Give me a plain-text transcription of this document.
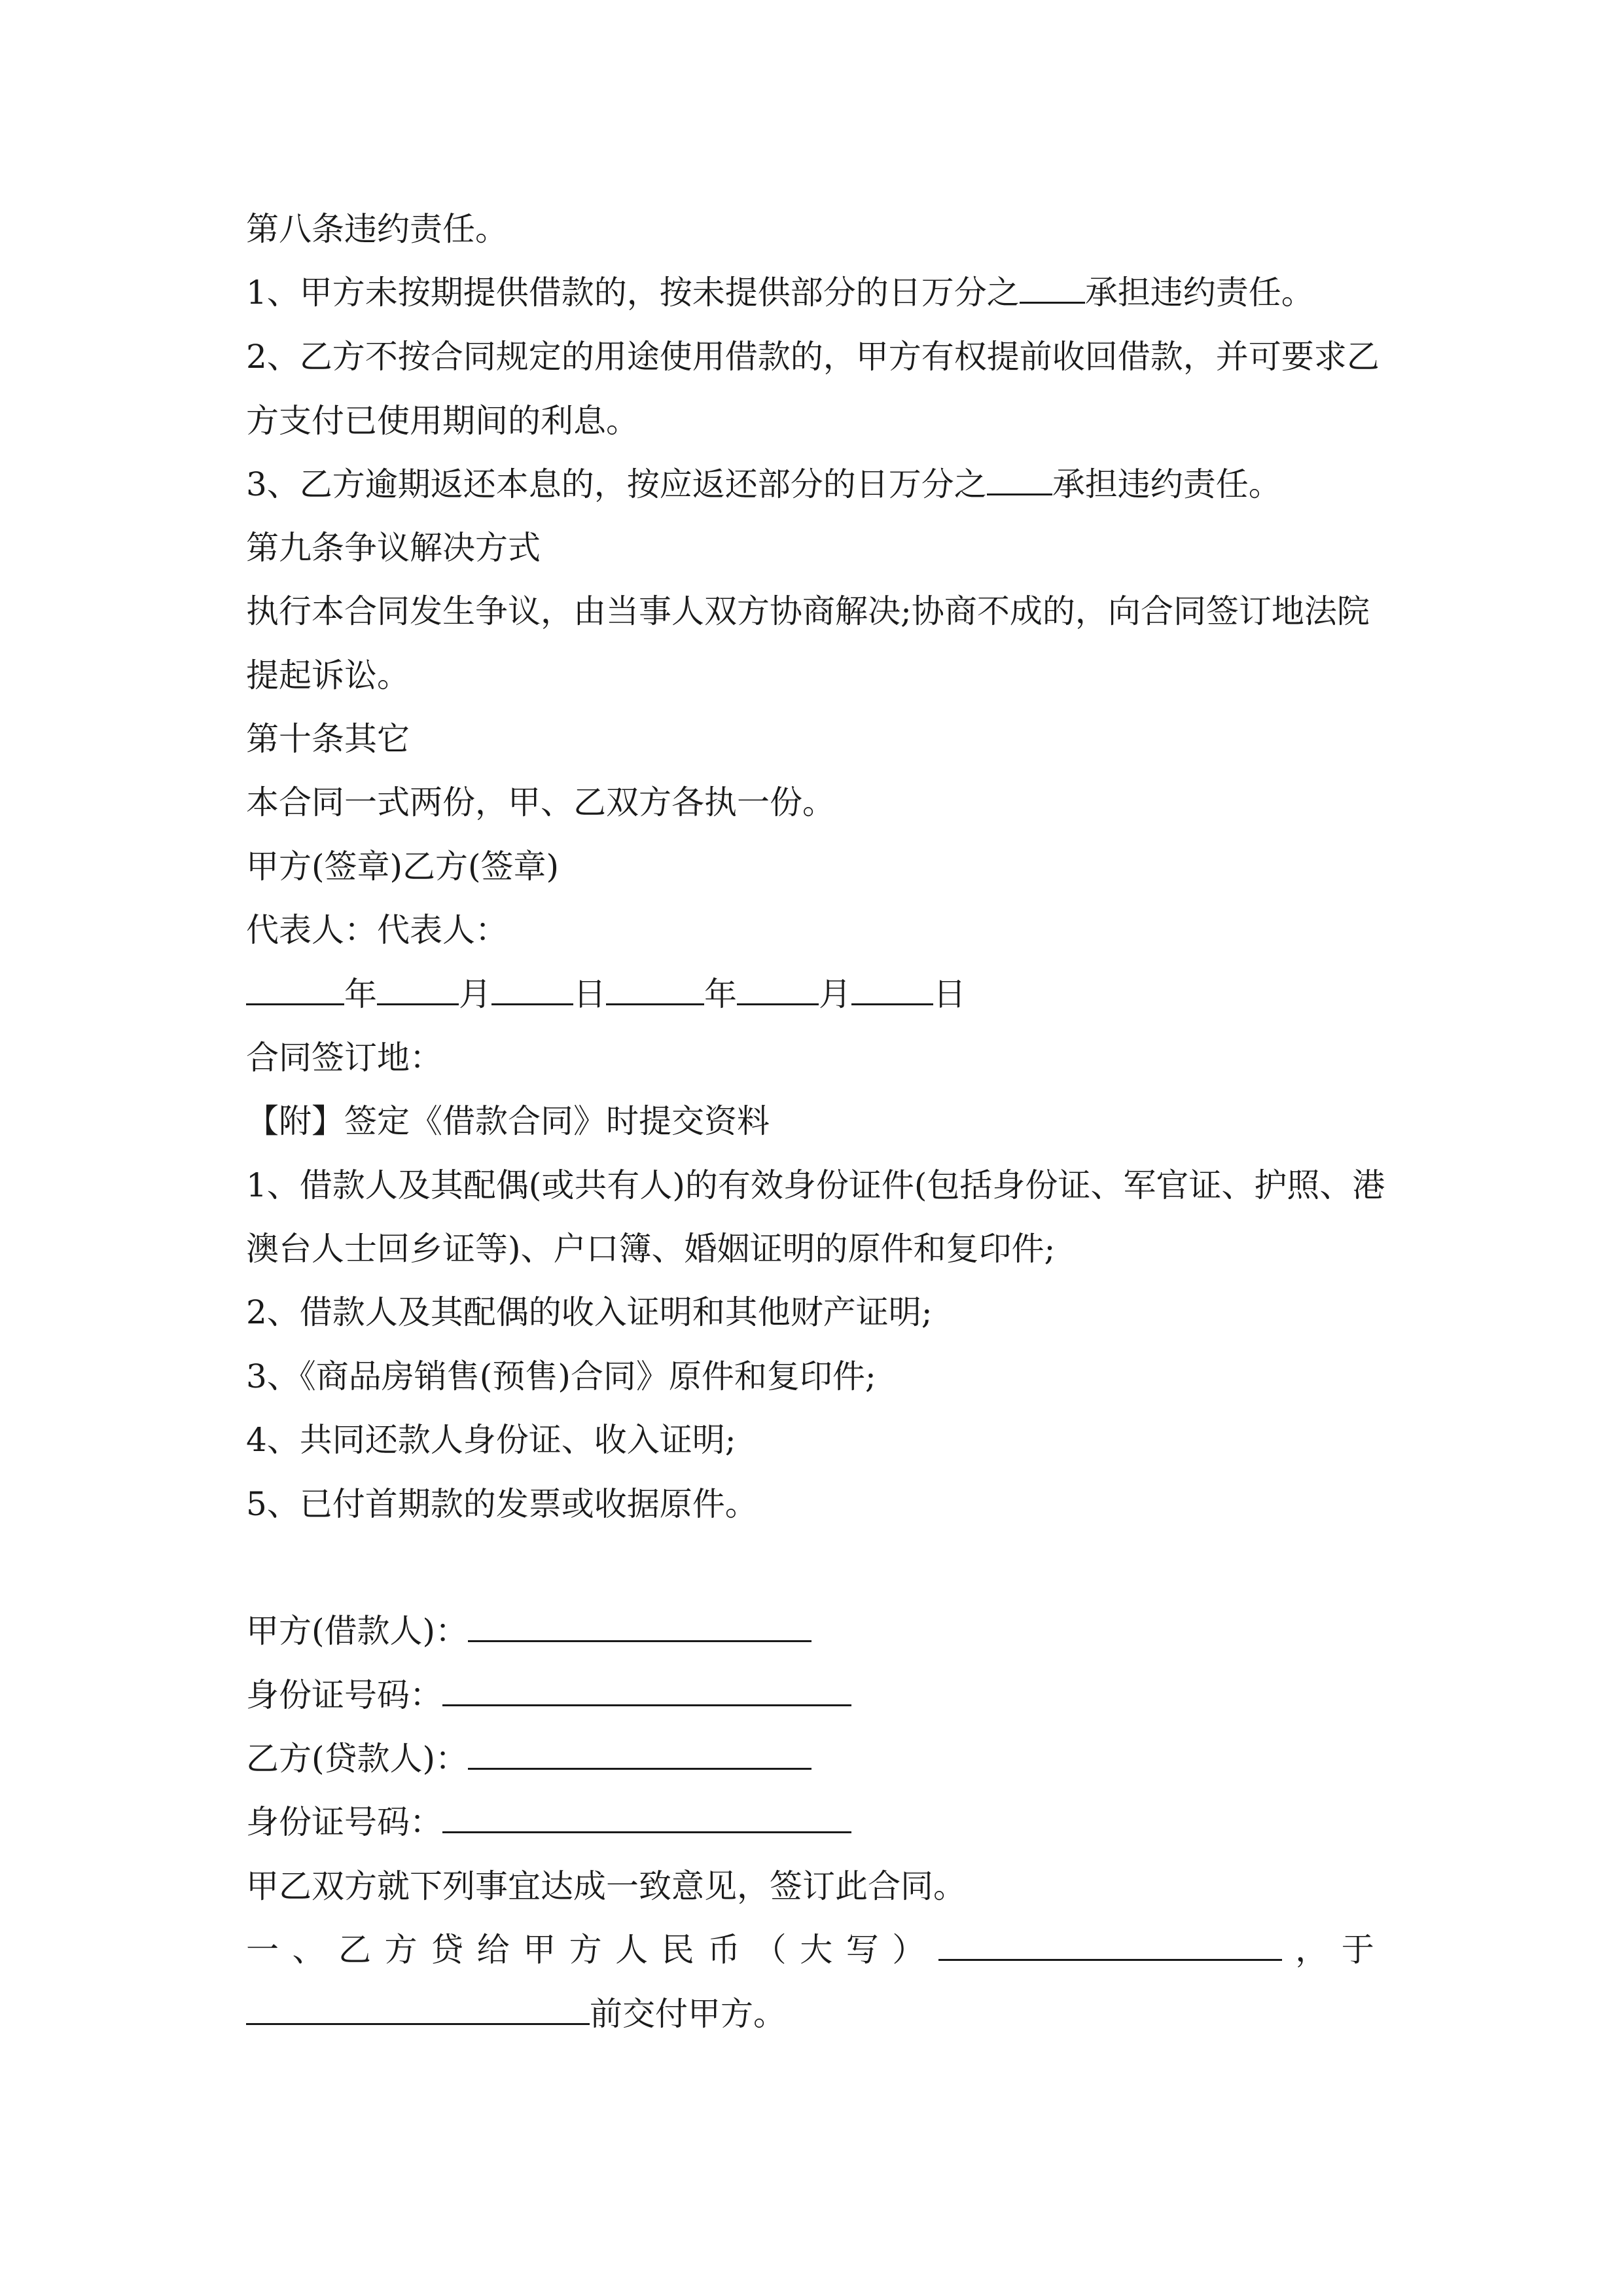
第八条违约责任。
1、甲方未按期提供借款的，按未提供部分的日万分之 承担违约责任。
2、乙方不按合同规定的用途使用借款的，甲方有权提前收回借款，并可要求乙
方支付已使用期间的利息。
3、乙方逾期返还本息的，按应返还部分的日万分之 承担违约责任。
第九条争议解决方式
执行本合同发生争议，由当事人双方协商解决;协商不成的，向合同签订地法院
提起诉讼。
第十条其它
本合同一式两份，甲、乙双方各执一份。
甲方(签章)乙方(签章)
代表人：代表人：
年	月	日	年	月	日
合同签订地：
【附】签定《借款合同》时提交资料
1、借款人及其配偶(或共有人)的有效身份证件(包括身份证、军官证、护照、港
澳台人士回乡证等)、户口簿、婚姻证明的原件和复印件;
2、借款人及其配偶的收入证明和其他财产证明;
3、《商品房销售(预售)合同》原件和复印件;
4、共同还款人身份证、收入证明;
5、已付首期款的发票或收据原件。
甲方(借款人)：
身份证号码：
乙方(贷款人)：
身份证号码：
甲乙双方就下列事宜达成一致意见，签订此合同。
一 、 乙 方 贷 给 甲 方 人 民 币 （ 大 写 ）	， 于
前交付甲方。
